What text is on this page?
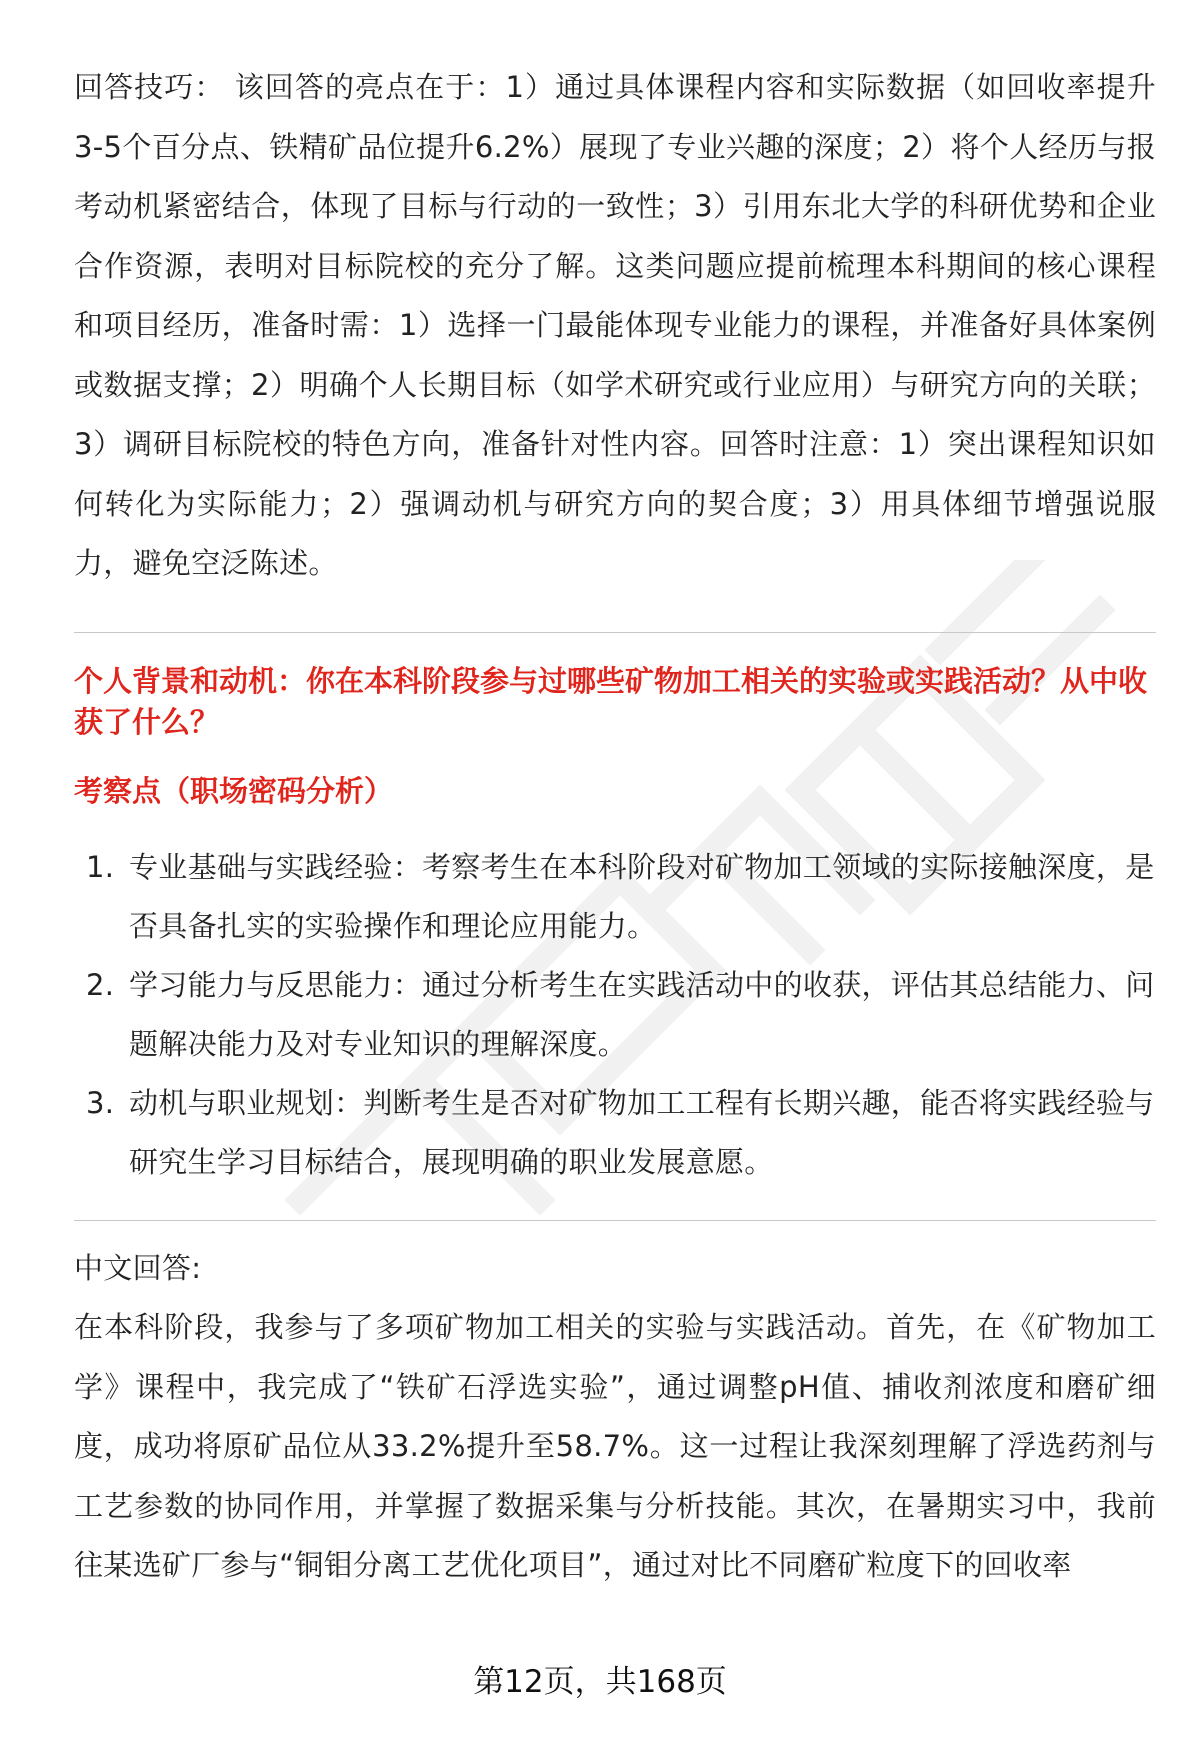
回答技巧： 该回答的亮点在于：1）通过具体课程内容和实际数据（如回收率提升3-5个百分点、铁精矿品位提升6.2%）展现了专业兴趣的深度；2）将个人经历与报考动机紧密结合，体现了目标与行动的一致性；3）引用东北大学的科研优势和企业合作资源，表明对目标院校的充分了解。这类问题应提前梳理本科期间的核心课程和项目经历，准备时需：1）选择一门最能体现专业能力的课程，并准备好具体案例或数据支撑；2）明确个人长期目标（如学术研究或行业应用）与研究方向的关联；3）调研目标院校的特色方向，准备针对性内容。回答时注意：1）突出课程知识如何转化为实际能力；2）强调动机与研究方向的契合度；3）用具体细节增强说服力，避免空泛陈述。

个人背景和动机：你在本科阶段参与过哪些矿物加工相关的实验或实践活动？从中收获了什么？
考察点（职场密码分析）
1. 专业基础与实践经验：考察考生在本科阶段对矿物加工领域的实际接触深度，是否具备扎实的实验操作和理论应用能力。
2. 学习能力与反思能力：通过分析考生在实践活动中的收获，评估其总结能力、问题解决能力及对专业知识的理解深度。
3. 动机与职业规划：判断考生是否对矿物加工工程有长期兴趣，能否将实践经验与研究生学习目标结合，展现明确的职业发展意愿。

中文回答:

在本科阶段，我参与了多项矿物加工相关的实验与实践活动。首先，在《矿物加工学》课程中，我完成了“铁矿石浮选实验”，通过调整pH值、捕收剂浓度和磨矿细度，成功将原矿品位从33.2%提升至58.7%。这一过程让我深刻理解了浮选药剂与工艺参数的协同作用，并掌握了数据采集与分析技能。其次，在暑期实习中，我前往某选矿厂参与“铜钼分离工艺优化项目”，通过对比不同磨矿粒度下的回收率

第12页，共168页
